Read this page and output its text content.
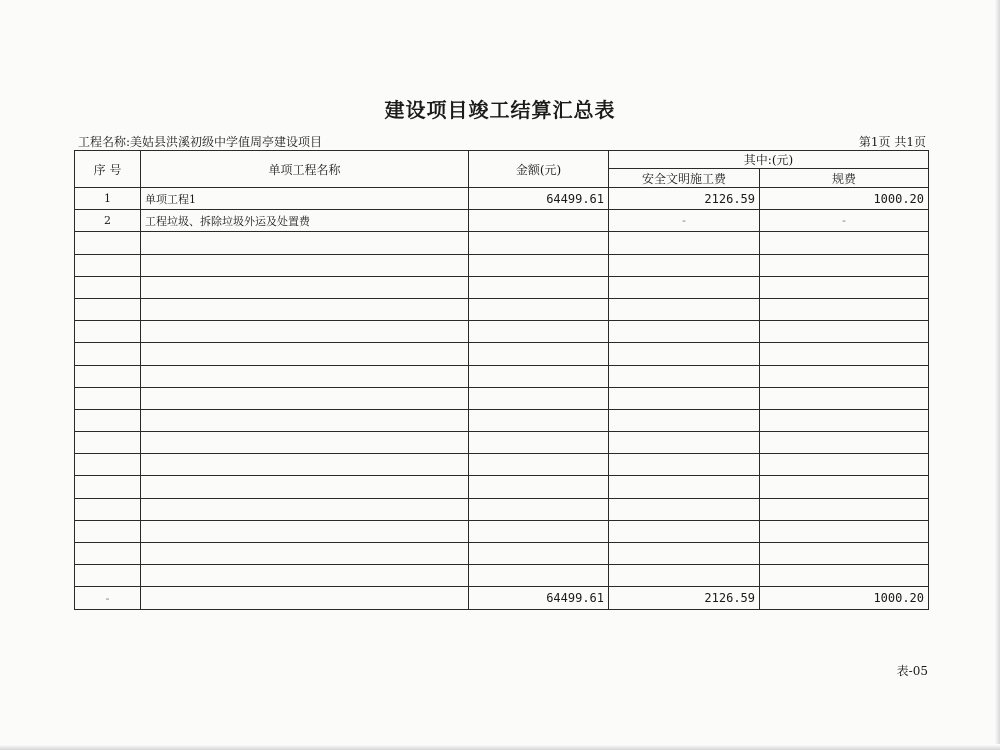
建设项目竣工结算汇总表
工程名称:美姑县洪溪初级中学值周亭建设项目	第1页 共1页
序 号	单项工程名称	金额(元)	其中:(元)	
			安全文明施工费	规费
1	单项工程1	64499.61	2126.59	1000.20
2	工程垃圾、拆除垃圾外运及处置费		-	-

-		64499.61	2126.59	1000.20
表-05
